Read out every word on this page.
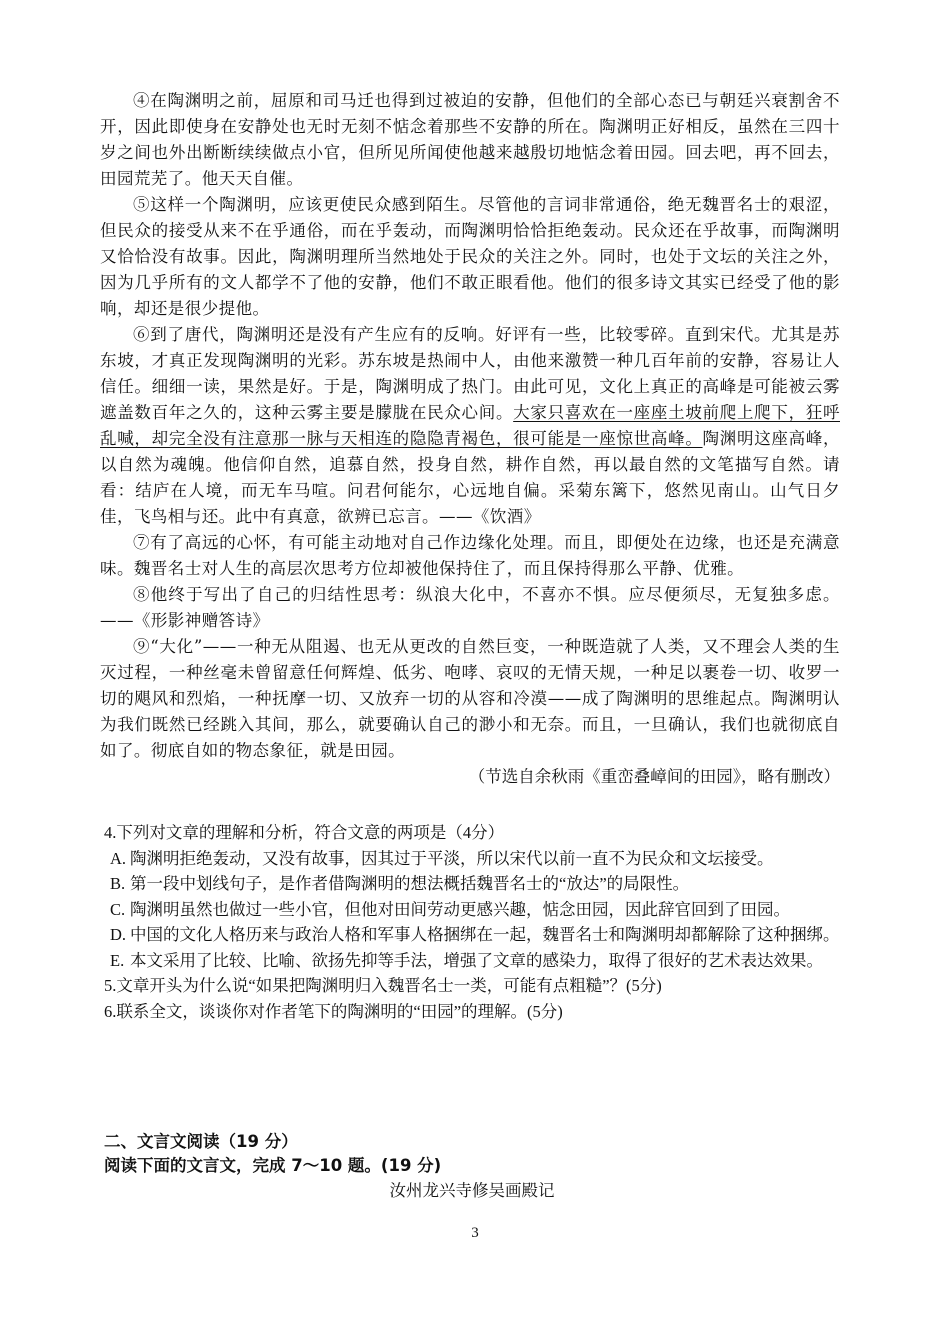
④在陶渊明之前，屈原和司马迁也得到过被迫的安静，但他们的全部心态已与朝廷兴衰割舍不开，因此即使身在安静处也无时无刻不惦念着那些不安静的所在。陶渊明正好相反，虽然在三四十岁之间也外出断断续续做点小官，但所见所闻使他越来越殷切地惦念着田园。回去吧，再不回去，田园荒芜了。他天天自催。

⑤这样一个陶渊明，应该更使民众感到陌生。尽管他的言词非常通俗，绝无魏晋名士的艰涩，但民众的接受从来不在乎通俗，而在乎轰动，而陶渊明恰恰拒绝轰动。民众还在乎故事，而陶渊明又恰恰没有故事。因此，陶渊明理所当然地处于民众的关注之外。同时，也处于文坛的关注之外，因为几乎所有的文人都学不了他的安静，他们不敢正眼看他。他们的很多诗文其实已经受了他的影响，却还是很少提他。

⑥到了唐代，陶渊明还是没有产生应有的反响。好评有一些，比较零碎。直到宋代。尤其是苏东坡，才真正发现陶渊明的光彩。苏东坡是热闹中人，由他来激赞一种几百年前的安静，容易让人信任。细细一读，果然是好。于是，陶渊明成了热门。由此可见，文化上真正的高峰是可能被云雾遮盖数百年之久的，这种云雾主要是朦胧在民众心间。大家只喜欢在一座座土坡前爬上爬下，狂呼乱喊，却完全没有注意那一脉与天相连的隐隐青褐色，很可能是一座惊世高峰。陶渊明这座高峰，以自然为魂魄。他信仰自然，追慕自然，投身自然，耕作自然，再以最自然的文笔描写自然。请看：结庐在人境，而无车马喧。问君何能尔，心远地自偏。采菊东篱下，悠然见南山。山气日夕佳，飞鸟相与还。此中有真意，欲辨已忘言。——《饮酒》

⑦有了高远的心怀，有可能主动地对自己作边缘化处理。而且，即便处在边缘，也还是充满意味。魏晋名士对人生的高层次思考方位却被他保持住了，而且保持得那么平静、优雅。

⑧他终于写出了自己的归结性思考：纵浪大化中，不喜亦不惧。应尽便须尽，无复独多虑。——《形影神赠答诗》

⑨“大化”——一种无从阻遏、也无从更改的自然巨变，一种既造就了人类，又不理会人类的生灭过程，一种丝毫未曾留意任何辉煌、低劣、咆哮、哀叹的无情天规，一种足以裹卷一切、收罗一切的飓风和烈焰，一种抚摩一切、又放弃一切的从容和冷漠——成了陶渊明的思维起点。陶渊明认为我们既然已经跳入其间，那么，就要确认自己的渺小和无奈。而且，一旦确认，我们也就彻底自如了。彻底自如的物态象征，就是田园。

（节选自余秋雨《重峦叠嶂间的田园》，略有删改）

4.下列对文章的理解和分析，符合文意的两项是（4分）

A. 陶渊明拒绝轰动，又没有故事，因其过于平淡，所以宋代以前一直不为民众和文坛接受。
B. 第一段中划线句子，是作者借陶渊明的想法概括魏晋名士的“放达”的局限性。
C. 陶渊明虽然也做过一些小官，但他对田间劳动更感兴趣，惦念田园，因此辞官回到了田园。
D. 中国的文化人格历来与政治人格和军事人格捆绑在一起，魏晋名士和陶渊明却都解除了这种捆绑。
E. 本文采用了比较、比喻、欲扬先抑等手法，增强了文章的感染力，取得了很好的艺术表达效果。

5.文章开头为什么说“如果把陶渊明归入魏晋名士一类，可能有点粗糙”？(5分)

6.联系全文，谈谈你对作者笔下的陶渊明的“田园”的理解。(5分)

二、文言文阅读（19 分）

阅读下面的文言文，完成 7～10 题。(19 分)

汝州龙兴寺修吴画殿记

3
